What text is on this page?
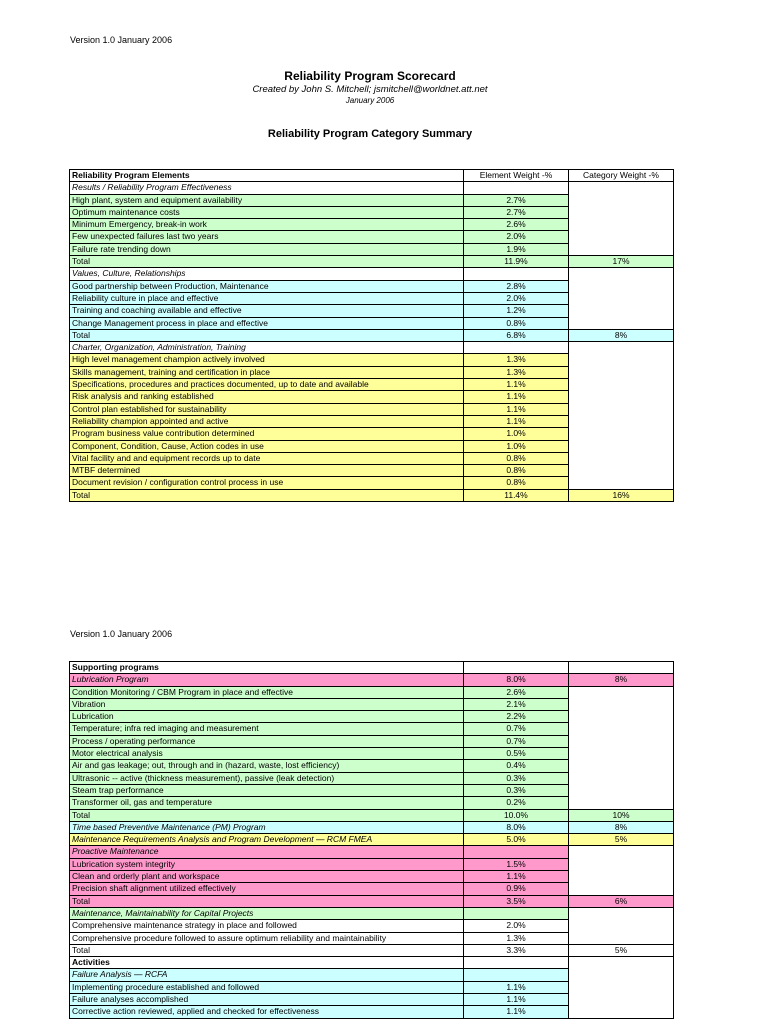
Version 1.0 January 2006
Reliability Program Scorecard
Created by John S. Mitchell; jsmitchell@worldnet.att.net
January 2006
Reliability Program Category Summary
Reliability Program Elements	Element Weight -%	Category Weight -%
Results / Reliability Program Effectiveness		
High plant, system and equipment availability	2.7%	
Optimum maintenance costs	2.7%	
Minimum Emergency, break-in work	2.6%	
Few unexpected failures last two years	2.0%	
Failure rate trending down	1.9%	
Total	11.9%	17%
Values, Culture, Relationships		
Good partnership between Production, Maintenance	2.8%	
Reliability culture in place and effective	2.0%	
Training and coaching available and effective	1.2%	
Change Management process in place and effective	0.8%	
Total	6.8%	8%
Charter, Organization, Administration, Training		
High level management champion actively involved	1.3%	
Skills management, training and certification in place	1.3%	
Specifications, procedures and practices documented, up to date and available	1.1%	
Risk analysis and ranking established	1.1%	
Control plan established for sustainability	1.1%	
Reliability champion appointed and active	1.1%	
Program business value contribution determined	1.0%	
Component, Condition, Cause, Action codes in use	1.0%	
Vital facility and and equipment records up to date	0.8%	
MTBF determined	0.8%	
Document revision / configuration control process in use	0.8%	
Total	11.4%	16%
Version 1.0 January 2006
Supporting programs		
Lubrication Program	8.0%	8%
Condition Monitoring / CBM Program in place and effective	2.6%	
Vibration	2.1%	
Lubrication	2.2%	
Temperature; infra red imaging and measurement	0.7%	
Process / operating performance	0.7%	
Motor electrical analysis	0.5%	
Air and gas leakage; out, through and in (hazard, waste, lost efficiency)	0.4%	
Ultrasonic -- active (thickness measurement), passive (leak detection)	0.3%	
Steam trap performance	0.3%	
Transformer oil, gas and temperature	0.2%	
Total	10.0%	10%
Time based Preventive Maintenance (PM) Program	8.0%	8%
Maintenance Requirements Analysis and Program Development — RCM FMEA	5.0%	5%
Proactive Maintenance		
Lubrication system integrity	1.5%	
Clean and orderly plant and workspace	1.1%	
Precision shaft alignment utilized effectively	0.9%	
Total	3.5%	6%
Maintenance, Maintainability for Capital Projects		
Comprehensive maintenance strategy in place and followed	2.0%	
Comprehensive procedure followed to assure optimum reliability and maintainability	1.3%	
Total	3.3%	5%
Activities		
Failure Analysis — RCFA		
Implementing procedure established and followed	1.1%	
Failure analyses accomplished	1.1%	
Corrective action reviewed, applied and checked for effectiveness	1.1%	
